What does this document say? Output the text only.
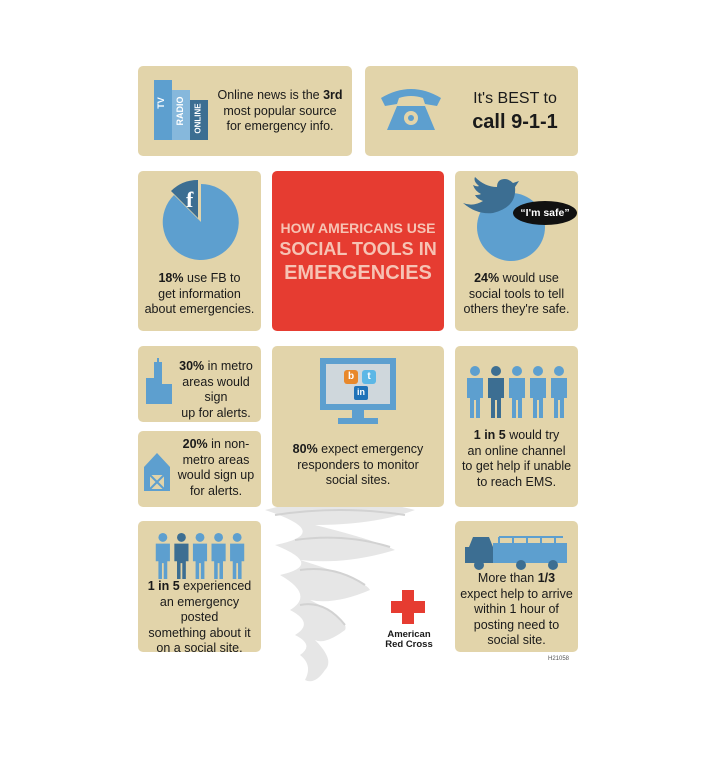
TV RADIO ONLINE
Online news is the 3rd
most popular source
for emergency info.
It's BEST to
call 9-1-1
f
18% use FB to
get information
about emergencies.
HOW AMERICANS USE
SOCIAL TOOLS IN
EMERGENCIES
“I'm safe”
24% would use
social tools to tell
others they're safe.
30% in metro
areas would sign
up for alerts.
20% in non-
metro areas
would sign up
for alerts.
b	t
in
80% expect emergency
responders to monitor
social sites.
1 in 5 would try
an online channel
to get help if unable
to reach EMS.
1 in 5 experienced
an emergency posted
something about it
on a social site.
More than 1/3
expect help to arrive
within 1 hour of
posting need to
social site.
American
Red Cross
H21058
